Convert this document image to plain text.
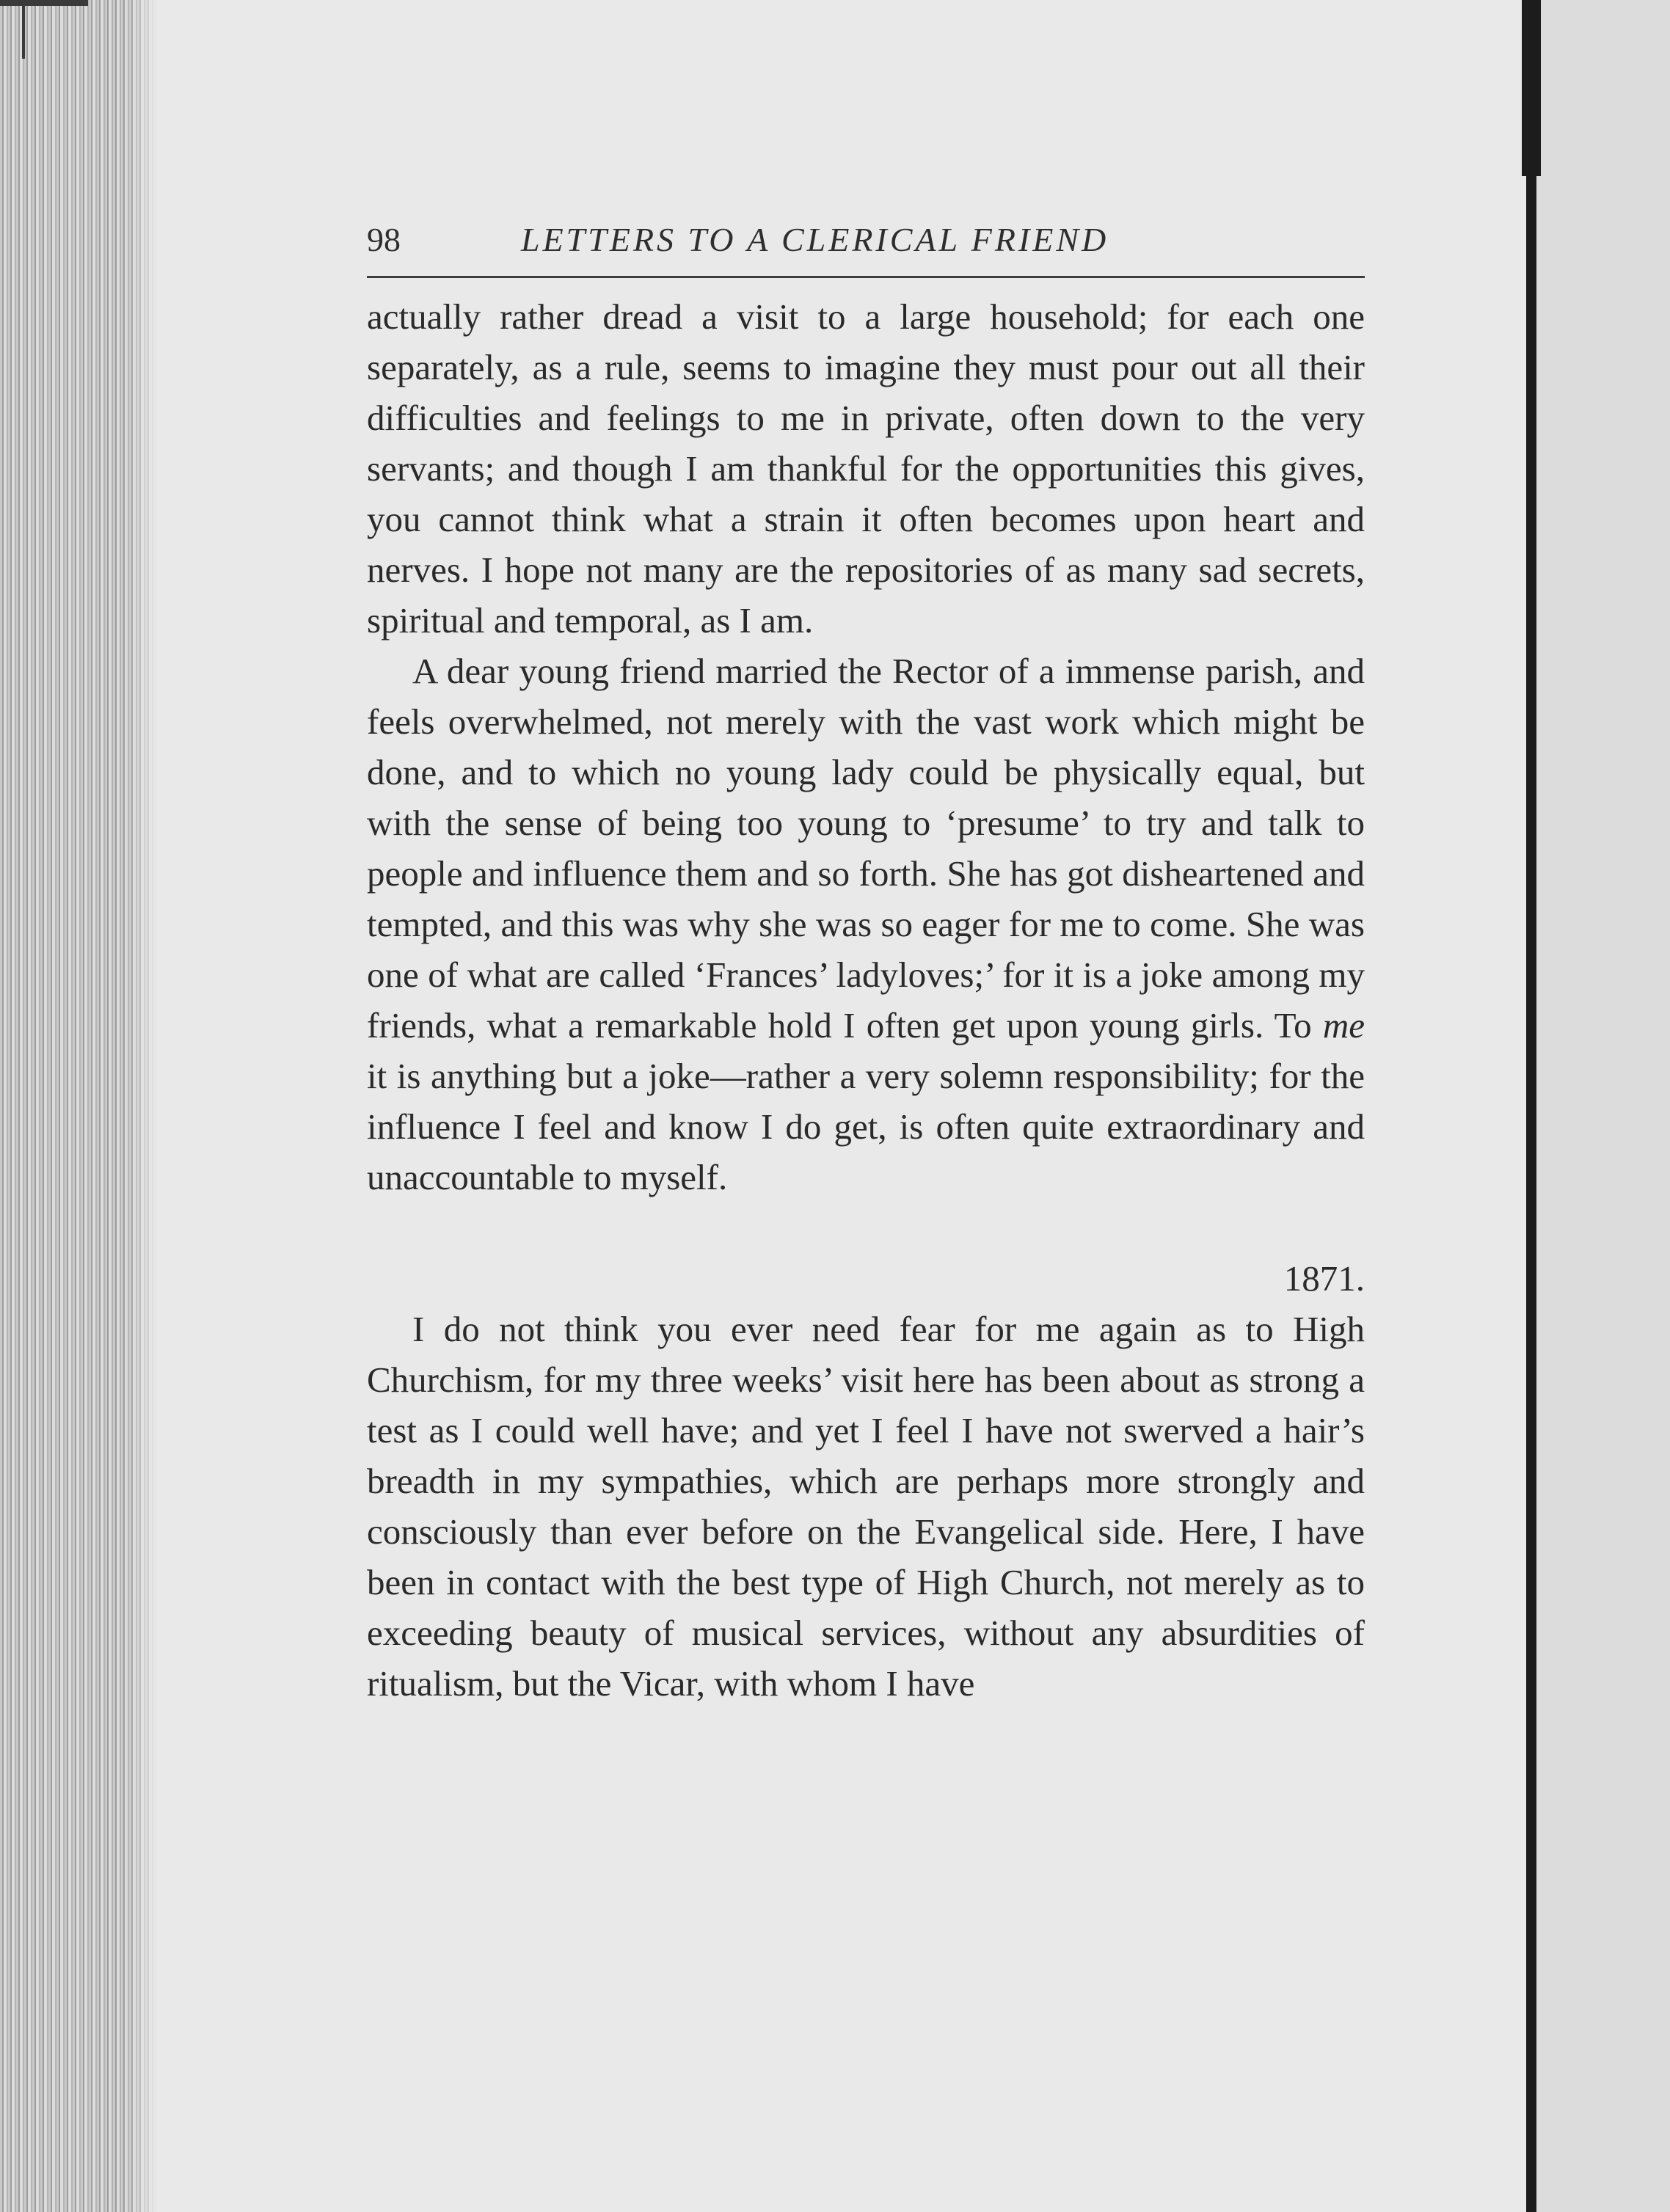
98	LETTERS TO A CLERICAL FRIEND

actually rather dread a visit to a large household; for each one separately, as a rule, seems to imagine they must pour out all their difficulties and feelings to me in private, often down to the very servants; and though I am thankful for the opportunities this gives, you cannot think what a strain it often becomes upon heart and nerves. I hope not many are the repositories of as many sad secrets, spiritual and temporal, as I am.

A dear young friend married the Rector of a immense parish, and feels overwhelmed, not merely with the vast work which might be done, and to which no young lady could be physically equal, but with the sense of being too young to ‘presume’ to try and talk to people and influence them and so forth. She has got disheartened and tempted, and this was why she was so eager for me to come. She was one of what are called ‘Frances’ ladyloves;’ for it is a joke among my friends, what a remarkable hold I often get upon young girls. To me it is anything but a joke—rather a very solemn responsibility; for the influence I feel and know I do get, is often quite extraordinary and unaccountable to myself.

1871.

I do not think you ever need fear for me again as to High Churchism, for my three weeks’ visit here has been about as strong a test as I could well have; and yet I feel I have not swerved a hair’s breadth in my sympathies, which are perhaps more strongly and consciously than ever before on the Evangelical side. Here, I have been in contact with the best type of High Church, not merely as to exceeding beauty of musical services, without any absurdities of ritualism, but the Vicar, with whom I have
